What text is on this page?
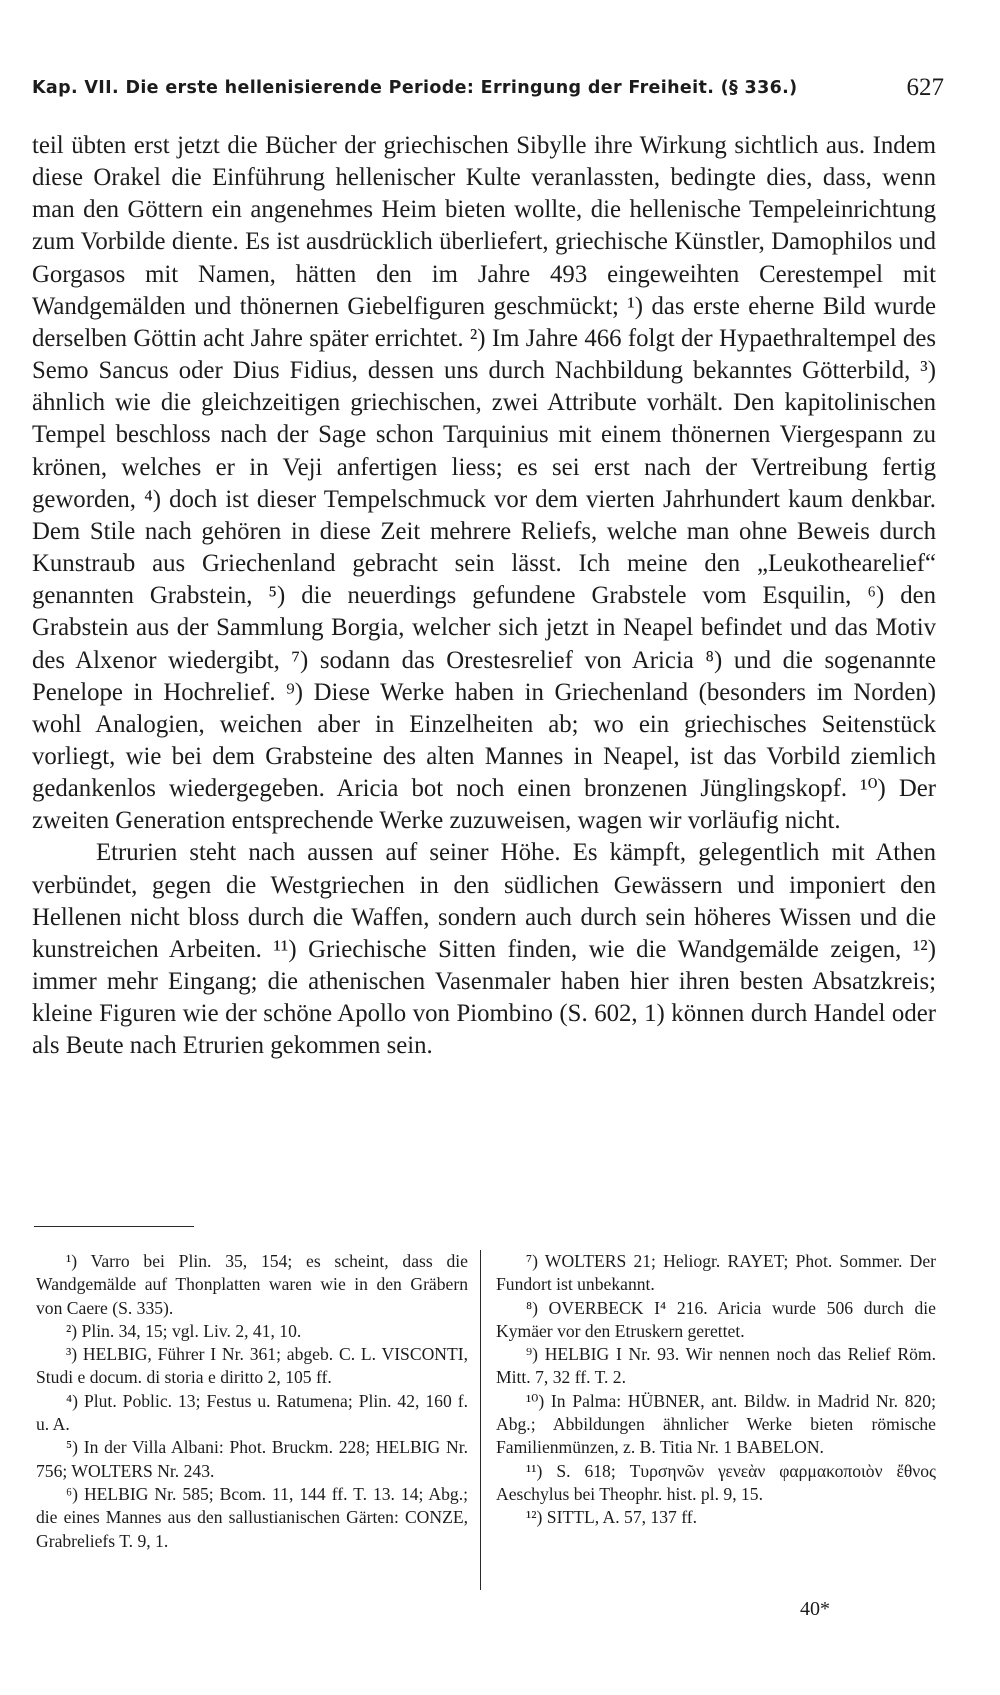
Kap. VII. Die erste hellenisierende Periode: Erringung der Freiheit. (§ 336.)	627

teil übten erst jetzt die Bücher der griechischen Sibylle ihre Wirkung sichtlich aus. Indem diese Orakel die Einführung hellenischer Kulte veranlassten, bedingte dies, dass, wenn man den Göttern ein angenehmes Heim bieten wollte, die hellenische Tempeleinrichtung zum Vorbilde diente. Es ist ausdrücklich überliefert, griechische Künstler, Damophilos und Gorgasos mit Namen, hätten den im Jahre 493 eingeweihten Cerestempel mit Wandgemälden und thönernen Giebelfiguren geschmückt; ¹) das erste eherne Bild wurde derselben Göttin acht Jahre später errichtet. ²) Im Jahre 466 folgt der Hypaethraltempel des Semo Sancus oder Dius Fidius, dessen uns durch Nachbildung bekanntes Götterbild, ³) ähnlich wie die gleichzeitigen griechischen, zwei Attribute vorhält. Den kapitolinischen Tempel beschloss nach der Sage schon Tarquinius mit einem thönernen Viergespann zu krönen, welches er in Veji anfertigen liess; es sei erst nach der Vertreibung fertig geworden, ⁴) doch ist dieser Tempelschmuck vor dem vierten Jahrhundert kaum denkbar. Dem Stile nach gehören in diese Zeit mehrere Reliefs, welche man ohne Beweis durch Kunstraub aus Griechenland gebracht sein lässt. Ich meine den „Leukothearelief“ genannten Grabstein, ⁵) die neuerdings gefundene Grabstele vom Esquilin, ⁶) den Grabstein aus der Sammlung Borgia, welcher sich jetzt in Neapel befindet und das Motiv des Alxenor wiedergibt, ⁷) sodann das Orestesrelief von Aricia ⁸) und die sogenannte Penelope in Hochrelief. ⁹) Diese Werke haben in Griechenland (besonders im Norden) wohl Analogien, weichen aber in Einzelheiten ab; wo ein griechisches Seitenstück vorliegt, wie bei dem Grabsteine des alten Mannes in Neapel, ist das Vorbild ziemlich gedankenlos wiedergegeben. Aricia bot noch einen bronzenen Jünglingskopf. ¹⁰) Der zweiten Generation entsprechende Werke zuzuweisen, wagen wir vorläufig nicht.

Etrurien steht nach aussen auf seiner Höhe. Es kämpft, gelegentlich mit Athen verbündet, gegen die Westgriechen in den südlichen Gewässern und imponiert den Hellenen nicht bloss durch die Waffen, sondern auch durch sein höheres Wissen und die kunstreichen Arbeiten. ¹¹) Griechische Sitten finden, wie die Wandgemälde zeigen, ¹²) immer mehr Eingang; die athenischen Vasenmaler haben hier ihren besten Absatzkreis; kleine Figuren wie der schöne Apollo von Piombino (S. 602, 1) können durch Handel oder als Beute nach Etrurien gekommen sein.

¹) Varro bei Plin. 35, 154; es scheint, dass die Wandgemälde auf Thonplatten waren wie in den Gräbern von Caere (S. 335).

²) Plin. 34, 15; vgl. Liv. 2, 41, 10.

³) HELBIG, Führer I Nr. 361; abgeb. C. L. VISCONTI, Studi e docum. di storia e diritto 2, 105 ff.

⁴) Plut. Poblic. 13; Festus u. Ratumena; Plin. 42, 160 f. u. A.

⁵) In der Villa Albani: Phot. Bruckm. 228; HELBIG Nr. 756; WOLTERS Nr. 243.

⁶) HELBIG Nr. 585; Bcom. 11, 144 ff. T. 13. 14; Abg.; die eines Mannes aus den sallustianischen Gärten: CONZE, Grabreliefs T. 9, 1.

⁷) WOLTERS 21; Heliogr. RAYET; Phot. Sommer. Der Fundort ist unbekannt.

⁸) OVERBECK I⁴ 216. Aricia wurde 506 durch die Kymäer vor den Etruskern gerettet.

⁹) HELBIG I Nr. 93. Wir nennen noch das Relief Röm. Mitt. 7, 32 ff. T. 2.

¹⁰) In Palma: HÜBNER, ant. Bildw. in Madrid Nr. 820; Abg.; Abbildungen ähnlicher Werke bieten römische Familienmünzen, z. B. Titia Nr. 1 BABELON.

¹¹) S. 618; Τυρσηνῶν γενεὰν φαρμακοποιὸν ἔθνος Aeschylus bei Theophr. hist. pl. 9, 15.

¹²) SITTL, A. 57, 137 ff.

40*
